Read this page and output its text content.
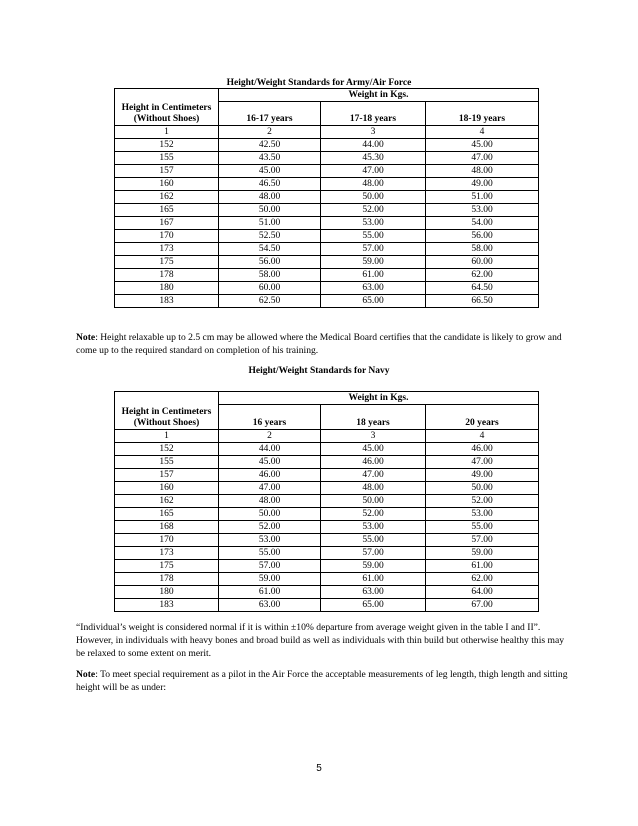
Height/Weight Standards for Army/Air Force
Height in Centimeters (Without Shoes)	Weight in Kgs.		
	16-17 years	17-18 years	18-19 years
1	2	3	4
152	42.50	44.00	45.00
155	43.50	45.30	47.00
157	45.00	47.00	48.00
160	46.50	48.00	49.00
162	48.00	50.00	51.00
165	50.00	52.00	53.00
167	51.00	53.00	54.00
170	52.50	55.00	56.00
173	54.50	57.00	58.00
175	56.00	59.00	60.00
178	58.00	61.00	62.00
180	60.00	63.00	64.50
183	62.50	65.00	66.50
Note: Height relaxable up to 2.5 cm may be allowed where the Medical Board certifies that the candidate is likely to grow and come up to the required standard on completion of his training.
Height/Weight Standards for Navy
Height in Centimeters (Without Shoes)	Weight in Kgs.		
	16 years	18 years	20 years
1	2	3	4
152	44.00	45.00	46.00
155	45.00	46.00	47.00
157	46.00	47.00	49.00
160	47.00	48.00	50.00
162	48.00	50.00	52.00
165	50.00	52.00	53.00
168	52.00	53.00	55.00
170	53.00	55.00	57.00
173	55.00	57.00	59.00
175	57.00	59.00	61.00
178	59.00	61.00	62.00
180	61.00	63.00	64.00
183	63.00	65.00	67.00
“Individual’s weight is considered normal if it is within ±10% departure from average weight given in the table I and II”. However, in individuals with heavy bones and broad build as well as individuals with thin build but otherwise healthy this may be relaxed to some extent on merit.
Note: To meet special requirement as a pilot in the Air Force the acceptable measurements of leg length, thigh length and sitting height will be as under:
5
